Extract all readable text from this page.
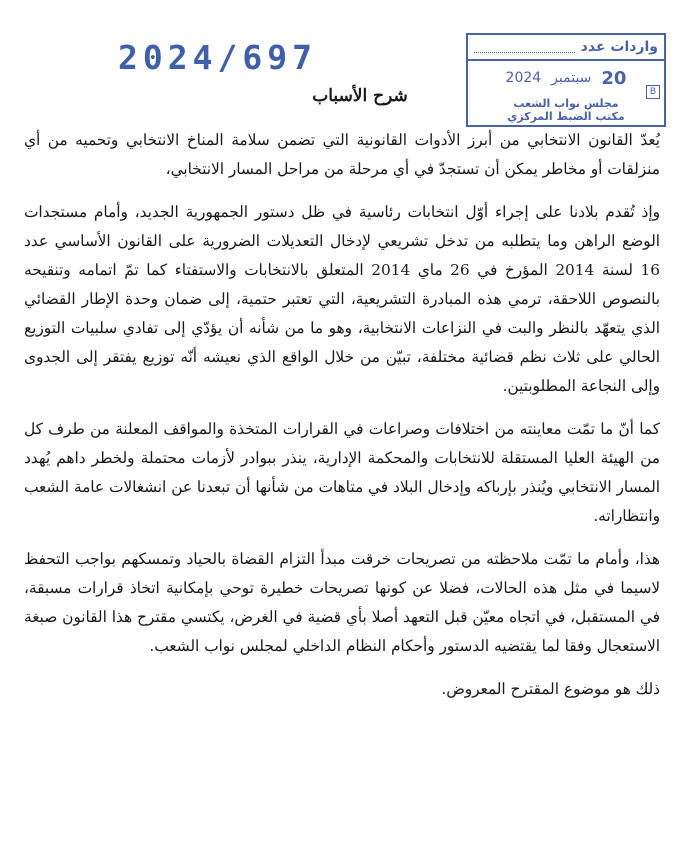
2024/697	واردات عدد
2024 سبتمبر 20
B
مجلس نواب الشعب
مكتب الضبط المركزي
شرح الأسباب

يُعدّ القانون الانتخابي من أبرز الأدوات القانونية التي تضمن سلامة المناخ الانتخابي وتحميه من أي منزلقات أو مخاطر يمكن أن تستجدّ في أي مرحلة من مراحل المسار الانتخابي،

وإذ تُقدم بلادنا على إجراء أوّل انتخابات رئاسية في ظل دستور الجمهورية الجديد، وأمام مستجدات الوضع الراهن وما يتطلبه من تدخل تشريعي لإدخال التعديلات الضرورية على القانون الأساسي عدد 16 لسنة 2014 المؤرخ في 26 ماي 2014 المتعلق بالانتخابات والاستفتاء كما تمّ اتمامه وتنقيحه بالنصوص اللاحقة، ترمي هذه المبادرة التشريعية، التي تعتبر حتمية، إلى ضمان وحدة الإطار القضائي الذي يتعهّد بالنظر والبت في النزاعات الانتخابية، وهو ما من شأنه أن يؤدّي إلى تفادي سلبيات التوزيع الحالي على ثلاث نظم قضائية مختلفة، تبيّن من خلال الواقع الذي نعيشه أنّه توزيع يفتقر إلى الجدوى وإلى النجاعة المطلوبتين.

كما أنّ ما تمّت معاينته من اختلافات وصراعات في القرارات المتخذة والمواقف المعلنة من طرف كل من الهيئة العليا المستقلة للانتخابات والمحكمة الإدارية، ينذر ببوادر لأزمات محتملة ولخطر داهم يُهدد المسار الانتخابي ويُنذر بإرباكه وإدخال البلاد في متاهات من شأنها أن تبعدنا عن انشغالات عامة الشعب وانتظاراته.

هذا، وأمام ما تمّت ملاحظته من تصريحات خرقت مبدأ التزام القضاة بالحياد وتمسكهم بواجب التحفظ لاسيما في مثل هذه الحالات، فضلا عن كونها تصريحات خطيرة توحي بإمكانية اتخاذ قرارات مسبقة، في المستقبل، في اتجاه معيّن قبل التعهد أصلا بأي قضية في الغرض، يكتسي مقترح هذا القانون صبغة الاستعجال وفقا لما يقتضيه الدستور وأحكام النظام الداخلي لمجلس نواب الشعب.

ذلك هو موضوع المقترح المعروض.
